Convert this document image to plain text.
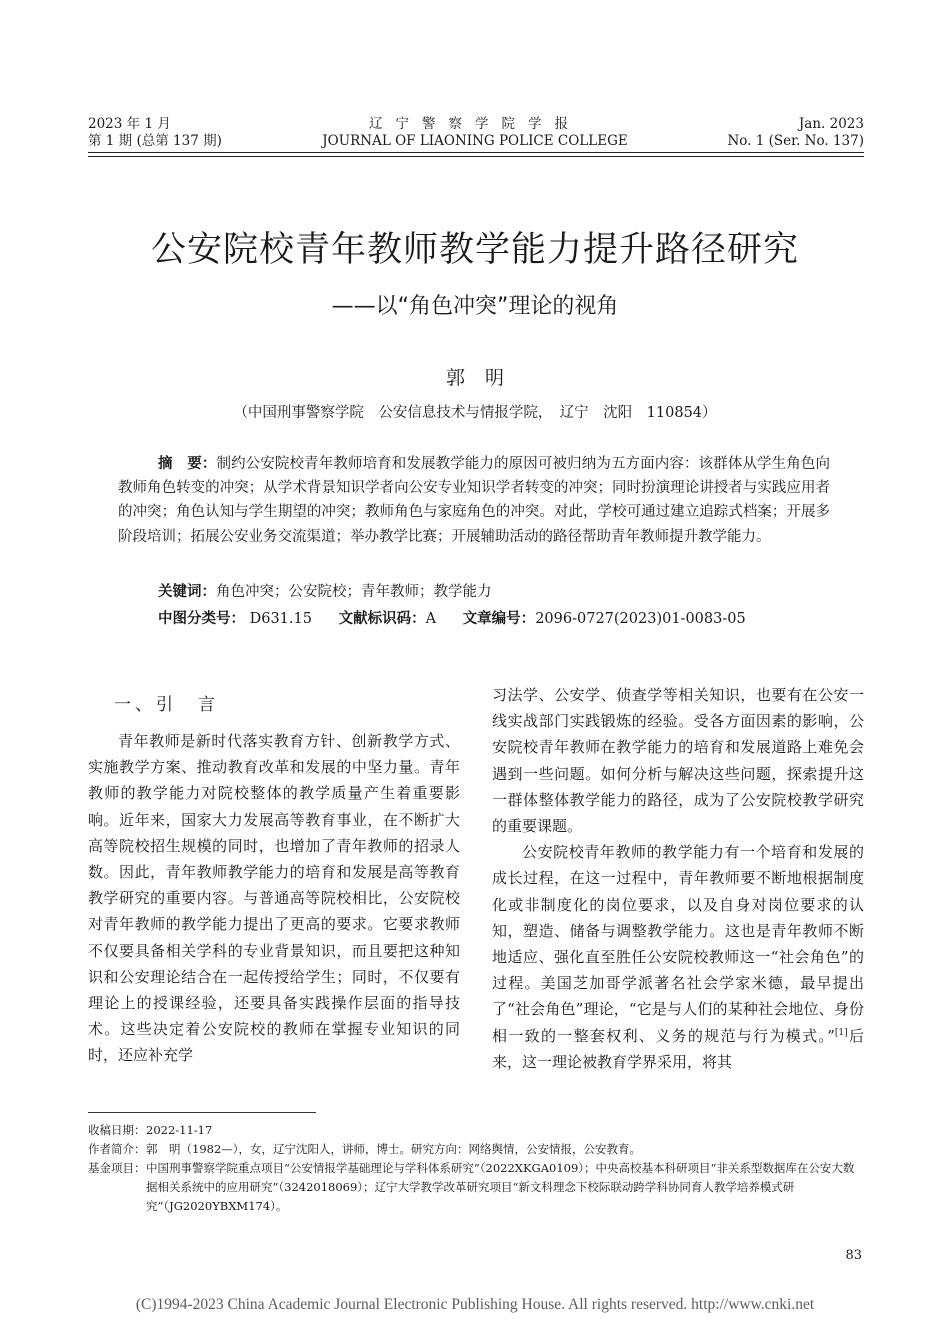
2023 年 1 月
第 1 期 (总第 137 期)
辽宁警察学院学报
JOURNAL OF LIAONING POLICE COLLEGE
Jan. 2023
No. 1 (Ser. No. 137)
公安院校青年教师教学能力提升路径研究
——以“角色冲突”理论的视角
郭明
（中国刑事警察学院　公安信息技术与情报学院，　辽宁　沈阳　110854）
摘　要：制约公安院校青年教师培育和发展教学能力的原因可被归纳为五方面内容：该群体从学生角色向教师角色转变的冲突；从学术背景知识学者向公安专业知识学者转变的冲突；同时扮演理论讲授者与实践应用者的冲突；角色认知与学生期望的冲突；教师角色与家庭角色的冲突。对此，学校可通过建立追踪式档案；开展多阶段培训；拓展公安业务交流渠道；举办教学比赛；开展辅助活动的路径帮助青年教师提升教学能力。
关键词：角色冲突；公安院校；青年教师；教学能力
中图分类号： D631.15 文献标识码：A 文章编号：2096-0727(2023)01-0083-05
一、引　言

青年教师是新时代落实教育方针、创新教学方式、实施教学方案、推动教育改革和发展的中坚力量。青年教师的教学能力对院校整体的教学质量产生着重要影响。近年来，国家大力发展高等教育事业，在不断扩大高等院校招生规模的同时，也增加了青年教师的招录人数。因此，青年教师教学能力的培育和发展是高等教育教学研究的重要内容。与普通高等院校相比，公安院校对青年教师的教学能力提出了更高的要求。它要求教师不仅要具备相关学科的专业背景知识，而且要把这种知识和公安理论结合在一起传授给学生；同时，不仅要有理论上的授课经验，还要具备实践操作层面的指导技术。这些决定着公安院校的教师在掌握专业知识的同时，还应补充学

习法学、公安学、侦查学等相关知识，也要有在公安一线实战部门实践锻炼的经验。受各方面因素的影响，公安院校青年教师在教学能力的培育和发展道路上难免会遇到一些问题。如何分析与解决这些问题，探索提升这一群体整体教学能力的路径，成为了公安院校教学研究的重要课题。

公安院校青年教师的教学能力有一个培育和发展的成长过程，在这一过程中，青年教师要不断地根据制度化或非制度化的岗位要求，以及自身对岗位要求的认知，塑造、储备与调整教学能力。这也是青年教师不断地适应、强化直至胜任公安院校教师这一“社会角色”的过程。美国芝加哥学派著名社会学家米德，最早提出了“社会角色”理论，“它是与人们的某种社会地位、身份相一致的一整套权利、义务的规范与行为模式。”[1]后来，这一理论被教育学界采用，将其

收稿日期： 2022-11-17
作者简介： 郭　明（1982—），女，辽宁沈阳人，讲师，博士。研究方向：网络舆情，公安情报，公安教育。
基金项目： 中国刑事警察学院重点项目“公安情报学基础理论与学科体系研究”（2022XKGA0109）；中央高校基本科研项目“非关系型数据库在公安大数据相关系统中的应用研究”（3242018069）；辽宁大学教学改革研究项目“新文科理念下校际联动跨学科协同育人教学培养模式研究”（JG2020YBXM174）。
83
(C)1994-2023 China Academic Journal Electronic Publishing House. All rights reserved. http://www.cnki.net
